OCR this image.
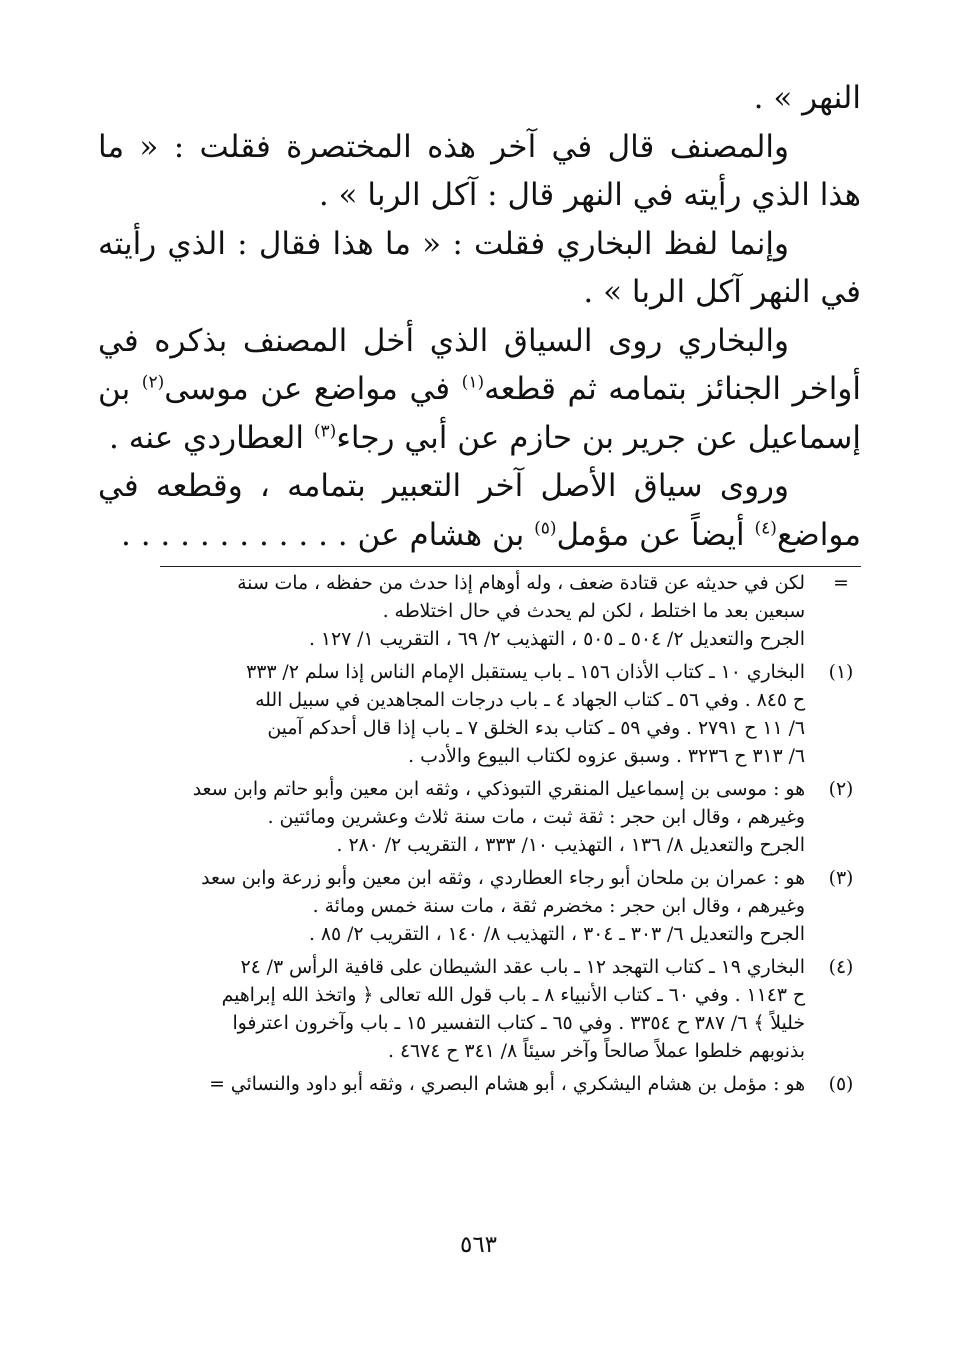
النهر » .

والمصنف قال في آخر هذه المختصرة فقلت : « ما هذا الذي رأيته في النهر قال : آكل الربا » .

وإنما لفظ البخاري فقلت : « ما هذا فقال : الذي رأيته في النهر آكل الربا » .

والبخاري روى السياق الذي أخل المصنف بذكره في أواخر الجنائز بتمامه ثم قطعه$^{(١)}$ في مواضع عن موسى$^{(٢)}$ بن إسماعيل عن جرير بن حازم عن أبي رجاء$^{(٣)}$ العطاردي عنه .

وروى سياق الأصل آخر التعبير بتمامه ، وقطعه في مواضع$^{(٤)}$ أيضاً عن مؤمل$^{(٥)}$ بن هشام عن . . . . . . . . . . . .

=
لكن في حديثه عن قتادة ضعف ، وله أوهام إذا حدث من حفظه ، مات سنة
سبعين بعد ما اختلط ، لكن لم يحدث في حال اختلاطه .
الجرح والتعديل ٢/ ٥٠٤ ـ ٥٠٥ ، التهذيب ٢/ ٦٩ ، التقريب ١/ ١٢٧ .
(١)
البخاري ١٠ ـ كتاب الأذان ١٥٦ ـ باب يستقبل الإمام الناس إذا سلم ٢/ ٣٣٣
ح ٨٤٥ . وفي ٥٦ ـ كتاب الجهاد ٤ ـ باب درجات المجاهدين في سبيل الله
٦/ ١١ ح ٢٧٩١ . وفي ٥٩ ـ كتاب بدء الخلق ٧ ـ باب إذا قال أحدكم آمين
٦/ ٣١٣ ح ٣٢٣٦ . وسبق عزوه لكتاب البيوع والأدب .
(٢)
هو : موسى بن إسماعيل المنقري التبوذكي ، وثقه ابن معين وأبو حاتم وابن سعد
وغيرهم ، وقال ابن حجر : ثقة ثبت ، مات سنة ثلاث وعشرين ومائتين .
الجرح والتعديل ٨/ ١٣٦ ، التهذيب ١٠/ ٣٣٣ ، التقريب ٢/ ٢٨٠ .
(٣)
هو : عمران بن ملحان أبو رجاء العطاردي ، وثقه ابن معين وأبو زرعة وابن سعد
وغيرهم ، وقال ابن حجر : مخضرم ثقة ، مات سنة خمس ومائة .
الجرح والتعديل ٦/ ٣٠٣ ـ ٣٠٤ ، التهذيب ٨/ ١٤٠ ، التقريب ٢/ ٨٥ .
(٤)
البخاري ١٩ ـ كتاب التهجد ١٢ ـ باب عقد الشيطان على قافية الرأس ٣/ ٢٤
ح ١١٤٣ . وفي ٦٠ ـ كتاب الأنبياء ٨ ـ باب قول الله تعالى ﴿ واتخذ الله إبراهيم
خليلاً ﴾ ٦/ ٣٨٧ ح ٣٣٥٤ . وفي ٦٥ ـ كتاب التفسير ١٥ ـ باب وآخرون اعترفوا
بذنوبهم خلطوا عملاً صالحاً وآخر سيئاً ٨/ ٣٤١ ح ٤٦٧٤ .
(٥)
هو : مؤمل بن هشام اليشكري ، أبو هشام البصري ، وثقه أبو داود والنسائي =
٥٦٣
